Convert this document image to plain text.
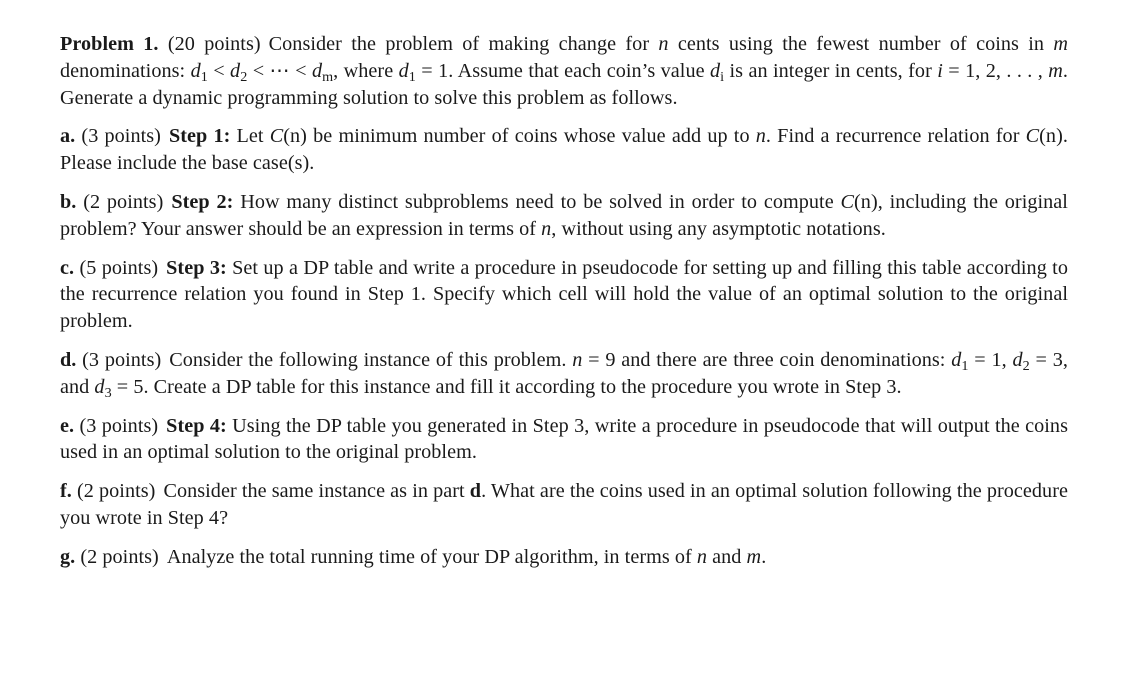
Problem 1. (20 points) Consider the problem of making change for n cents using the fewest number of coins in m denominations: $d_1 < d_2$ < ⋯ < $d_m$, where $d_1 = 1$. Assume that each coin’s value $d_i$ is an integer in cents, for i = 1, 2, . . . , m. Generate a dynamic programming solution to solve this problem as follows.

a. (3 points) Step 1: Let C(n) be minimum number of coins whose value add up to n. Find a recurrence relation for C(n). Please include the base case(s).

b. (2 points) Step 2: How many distinct subproblems need to be solved in order to compute C(n), including the original problem? Your answer should be an expression in terms of n, without using any asymptotic notations.

c. (5 points) Step 3: Set up a DP table and write a procedure in pseudocode for setting up and filling this table according to the recurrence relation you found in Step 1. Specify which cell will hold the value of an optimal solution to the original problem.

d. (3 points) Consider the following instance of this problem. n = 9 and there are three coin denominations: $d_1 = 1$, $d_2 = 3$, and $d_3 = 5$. Create a DP table for this instance and fill it according to the procedure you wrote in Step 3.

e. (3 points) Step 4: Using the DP table you generated in Step 3, write a procedure in pseudocode that will output the coins used in an optimal solution to the original problem.

f. (2 points) Consider the same instance as in part d. What are the coins used in an optimal solution following the procedure you wrote in Step 4?

g. (2 points) Analyze the total running time of your DP algorithm, in terms of n and m.
